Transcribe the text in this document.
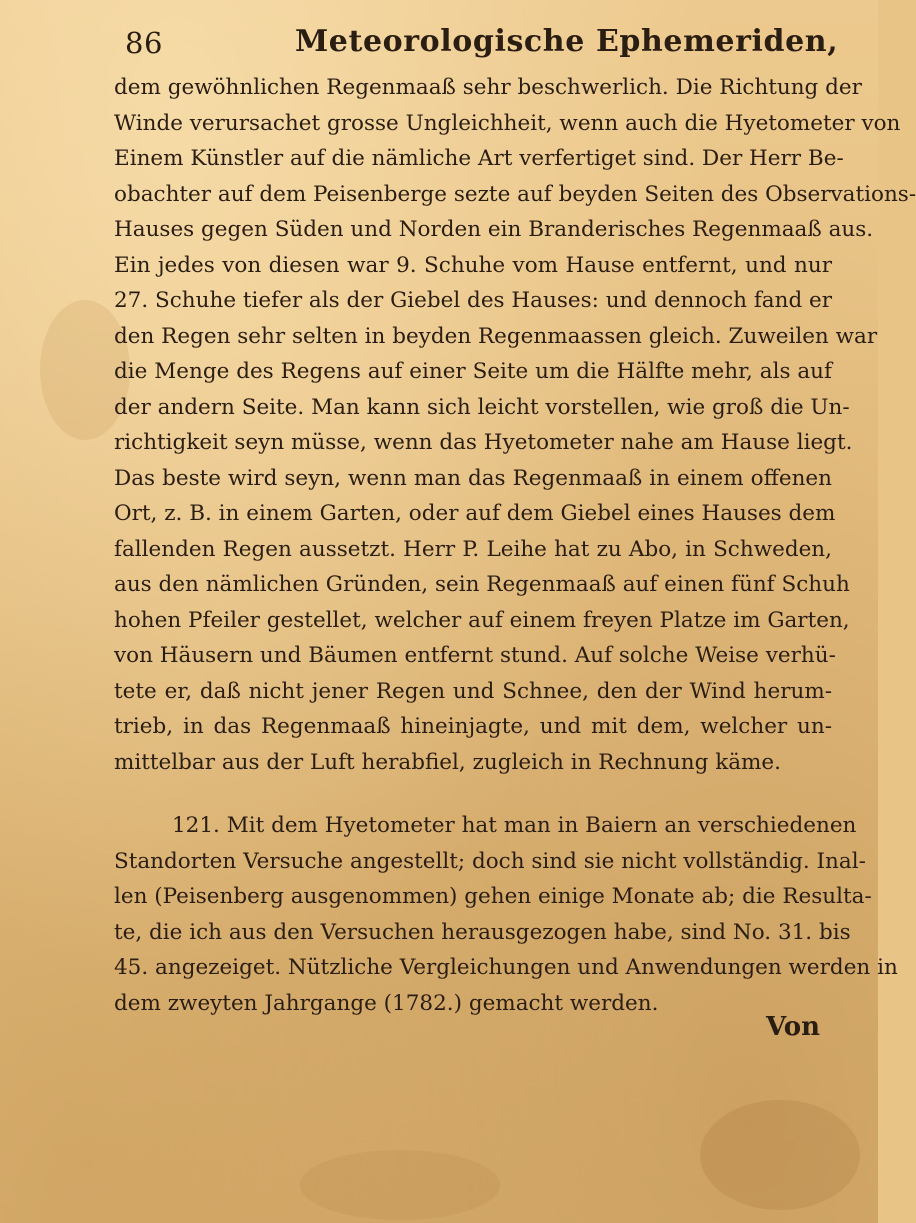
86	Meteorologische Ephemeriden,
dem gewöhnlichen Regenmaaß sehr beschwerlich. Die Richtung der
Winde verursachet grosse Ungleichheit, wenn auch die Hyetometer von
Einem Künstler auf die nämliche Art verfertiget sind. Der Herr Be-
obachter auf dem Peisenberge sezte auf beyden Seiten des Observations-
Hauses gegen Süden und Norden ein Branderisches Regenmaaß aus.
Ein jedes von diesen war 9. Schuhe vom Hause entfernt, und nur
27. Schuhe tiefer als der Giebel des Hauses: und dennoch fand er
den Regen sehr selten in beyden Regenmaassen gleich. Zuweilen war
die Menge des Regens auf einer Seite um die Hälfte mehr, als auf
der andern Seite. Man kann sich leicht vorstellen, wie groß die Un-
richtigkeit seyn müsse, wenn das Hyetometer nahe am Hause liegt.
Das beste wird seyn, wenn man das Regenmaaß in einem offenen
Ort, z. B. in einem Garten, oder auf dem Giebel eines Hauses dem
fallenden Regen aussetzt. Herr P. Leihe hat zu Abo, in Schweden,
aus den nämlichen Gründen, sein Regenmaaß auf einen fünf Schuh
hohen Pfeiler gestellet, welcher auf einem freyen Platze im Garten,
von Häusern und Bäumen entfernt stund. Auf solche Weise verhü-
tete er, daß nicht jener Regen und Schnee, den der Wind herum-
trieb, in das Regenmaaß hineinjagte, und mit dem, welcher un-
mittelbar aus der Luft herabfiel, zugleich in Rechnung käme.
121. Mit dem Hyetometer hat man in Baiern an verschiedenen
Standorten Versuche angestellt; doch sind sie nicht vollständig. Inal-
len (Peisenberg ausgenommen) gehen einige Monate ab; die Resulta-
te, die ich aus den Versuchen herausgezogen habe, sind No. 31. bis
45. angezeiget. Nützliche Vergleichungen und Anwendungen werden in
dem zweyten Jahrgange (1782.) gemacht werden.
Von
